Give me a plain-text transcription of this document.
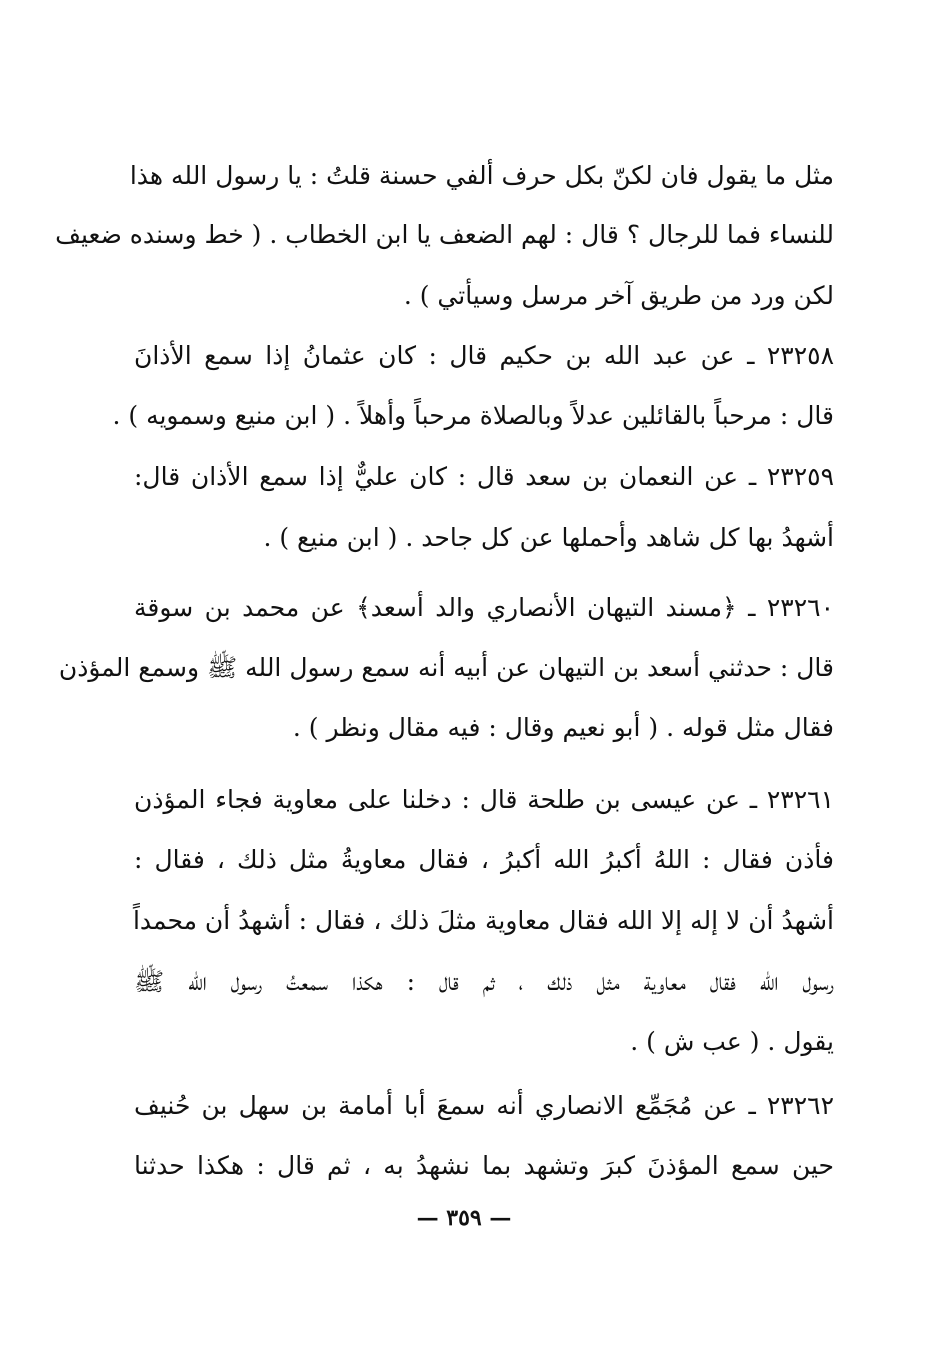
مثل ما يقول فان لكنّ بكل حرف ألفي حسنة قلتُ : يا رسول الله هذا
للنساء فما للرجال ؟ قال : لهم الضعف يا ابن الخطاب . ( خط وسنده ضعيف
لكن ورد من طريق آخر مرسل وسيأتي ) .
٢٣٢٥٨ ـ عن عبد الله بن حكيم قال : كان عثمانُ إذا سمع الأذانَ
قال : مرحباً بالقائلين عدلاً وبالصلاة مرحباً وأهلاً . ( ابن منيع وسمويه ) .
٢٣٢٥٩ ـ عن النعمان بن سعد قال : كان عليٌّ إذا سمع الأذان قال:
أشهدُ بها كل شاهد وأحملها عن كل جاحد . ( ابن منيع ) .
٢٣٢٦٠ ـ ﴿مسند التيهان الأنصاري والد أسعد﴾ عن محمد بن سوقة
قال : حدثني أسعد بن التيهان عن أبيه أنه سمع رسول الله ﷺ وسمع المؤذن
فقال مثل قوله . ( أبو نعيم وقال : فيه مقال ونظر ) .
٢٣٢٦١ ـ عن عيسى بن طلحة قال : دخلنا على معاوية فجاء المؤذن
فأذن فقال : اللهُ أكبرُ الله أكبرُ ، فقال معاويةُ مثل ذلك ، فقال :
أشهدُ أن لا إله إلا الله فقال معاوية مثلَ ذلك ، فقال : أشهدُ أن محمداً
رسول الله فقال معاوية مثل ذلك ، ثم قال : هكذا سمعتُ رسول الله ﷺ
يقول . ( عب ش ) .
٢٣٢٦٢ ـ عن مُجَمِّع الانصاري أنه سمعَ أبا أمامة بن سهل بن حُنيف
حين سمع المؤذنَ كبرَ وتشهد بما نشهدُ به ، ثم قال : هكذا حدثنا
— ٣٥٩ —
